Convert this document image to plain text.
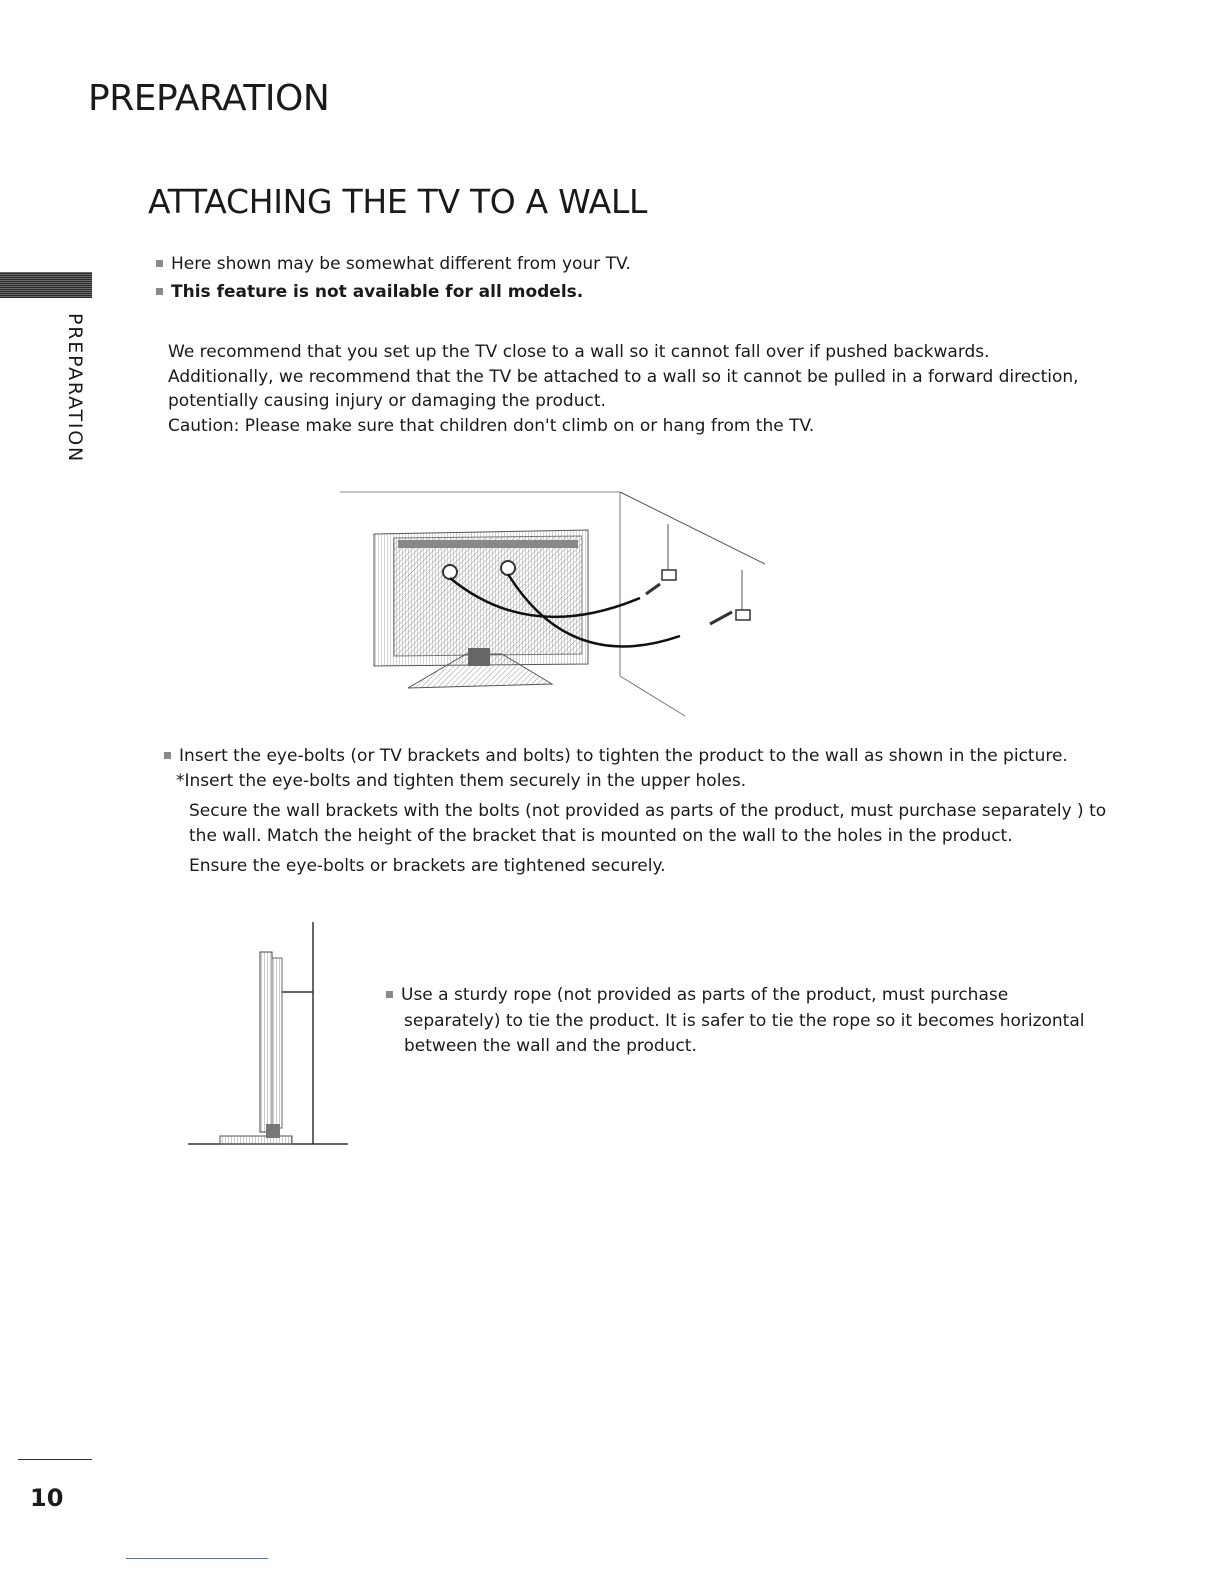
PREPARATION
PREPARATION
ATTACHING THE TV TO A WALL
Here shown may be somewhat different from your TV.
This feature is not available for all models.
We recommend that you set up the TV close to a wall so it cannot fall over if pushed backwards.
Additionally, we recommend that the TV be attached to a wall so it cannot be pulled in a forward direction,
potentially causing injury or damaging the product.
Caution: Please make sure that children don't climb on or hang from the TV.
Insert the eye-bolts (or TV brackets and bolts) to tighten the product to the wall as shown in the picture.
*Insert the eye-bolts and tighten them securely in the upper holes.
Secure the wall brackets with the bolts (not provided as parts of the product, must purchase separately ) to
the wall. Match the height of the bracket that is mounted on the wall to the holes in the product.
Ensure the eye-bolts or brackets are tightened securely.
Use a sturdy rope (not provided as parts of the product, must purchase
separately) to tie the product. It is safer to tie the rope so it becomes horizontal
between the wall and the product.
10
